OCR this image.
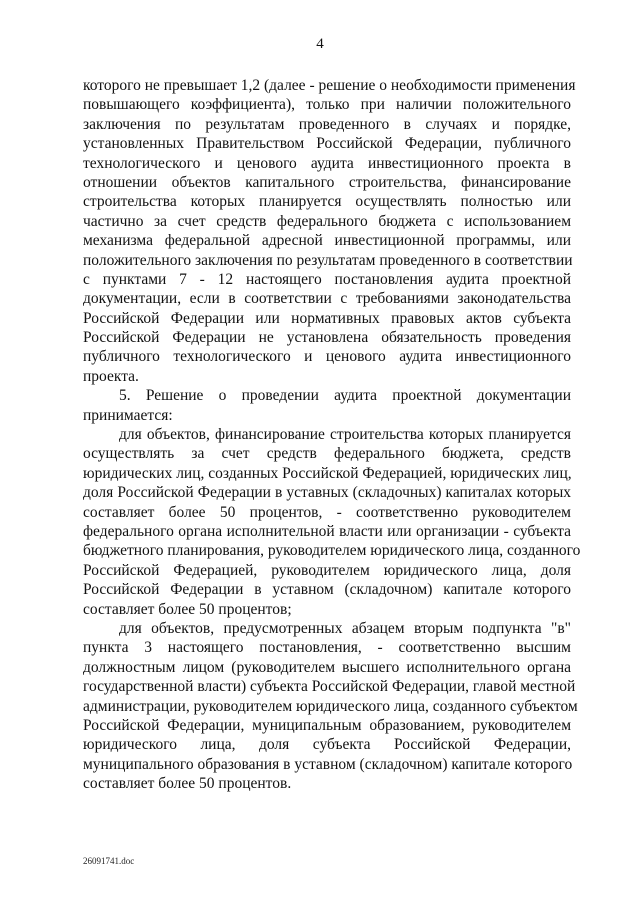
4
которого не превышает 1,2 (далее - решение о необходимости применения
повышающего коэффициента), только при наличии положительного
заключения по результатам проведенного в случаях и порядке,
установленных Правительством Российской Федерации, публичного
технологического и ценового аудита инвестиционного проекта в
отношении объектов капитального строительства, финансирование
строительства которых планируется осуществлять полностью или
частично за счет средств федерального бюджета с использованием
механизма федеральной адресной инвестиционной программы, или
положительного заключения по результатам проведенного в соответствии
с пунктами 7 - 12 настоящего постановления аудита проектной
документации, если в соответствии с требованиями законодательства
Российской Федерации или нормативных правовых актов субъекта
Российской Федерации не установлена обязательность проведения
публичного технологического и ценового аудита инвестиционного
проекта.
5. Решение о проведении аудита проектной документации
принимается:
для объектов, финансирование строительства которых планируется
осуществлять за счет средств федерального бюджета, средств
юридических лиц, созданных Российской Федерацией, юридических лиц,
доля Российской Федерации в уставных (складочных) капиталах которых
составляет более 50 процентов, - соответственно руководителем
федерального органа исполнительной власти или организации - субъекта
бюджетного планирования, руководителем юридического лица, созданного
Российской Федерацией, руководителем юридического лица, доля
Российской Федерации в уставном (складочном) капитале которого
составляет более 50 процентов;
для объектов, предусмотренных абзацем вторым подпункта "в"
пункта 3 настоящего постановления, - соответственно высшим
должностным лицом (руководителем высшего исполнительного органа
государственной власти) субъекта Российской Федерации, главой местной
администрации, руководителем юридического лица, созданного субъектом
Российской Федерации, муниципальным образованием, руководителем
юридического лица, доля субъекта Российской Федерации,
муниципального образования в уставном (складочном) капитале которого
составляет более 50 процентов.
26091741.doc
